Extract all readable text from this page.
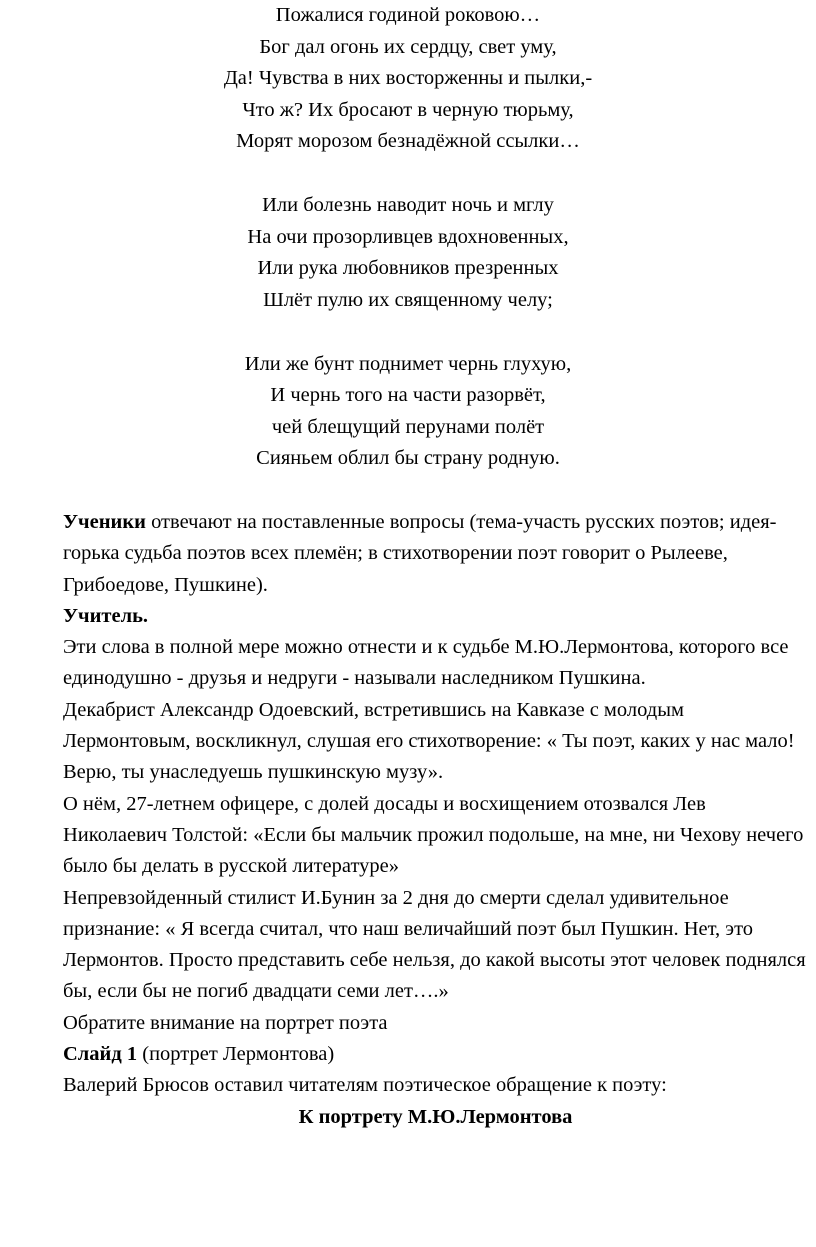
Пожалися годиной роковою…
Бог дал огонь их сердцу, свет уму,
Да! Чувства в них восторженны и пылки,-
Что ж? Их бросают в черную тюрьму,
Морят морозом безнадёжной ссылки…
Или болезнь наводит ночь и мглу
На очи прозорливцев вдохновенных,
Или рука любовников презренных
Шлёт пулю их священному челу;
Или же бунт поднимет чернь глухую,
И чернь того на части разорвёт,
чей блещущий перунами полёт
Сияньем облил бы страну родную.

Ученики отвечают на поставленные вопросы (тема-участь русских поэтов; идея- горька судьба поэтов всех племён; в стихотворении поэт говорит о Рылееве, Грибоедове, Пушкине).

Учитель.

Эти слова в полной мере можно отнести и к судьбе М.Ю.Лермонтова, которого все единодушно - друзья и недруги - называли наследником Пушкина.

Декабрист Александр Одоевский, встретившись на Кавказе с молодым Лермонтовым, воскликнул, слушая его стихотворение: « Ты поэт, каких у нас мало! Верю, ты унаследуешь пушкинскую музу».

О нём, 27-летнем офицере, с долей досады и восхищением отозвался Лев Николаевич Толстой: «Если бы мальчик прожил подольше, на мне, ни Чехову нечего было бы делать в русской литературе»

Непревзойденный стилист И.Бунин за 2 дня до смерти сделал удивительное признание: « Я всегда считал, что наш величайший поэт был Пушкин. Нет, это Лермонтов. Просто представить себе нельзя, до какой высоты этот человек поднялся бы, если бы не погиб двадцати семи лет….»

Обратите внимание на портрет поэта

Слайд 1 (портрет Лермонтова)

Валерий Брюсов оставил читателям поэтическое обращение к поэту:

К портрету М.Ю.Лермонтова
